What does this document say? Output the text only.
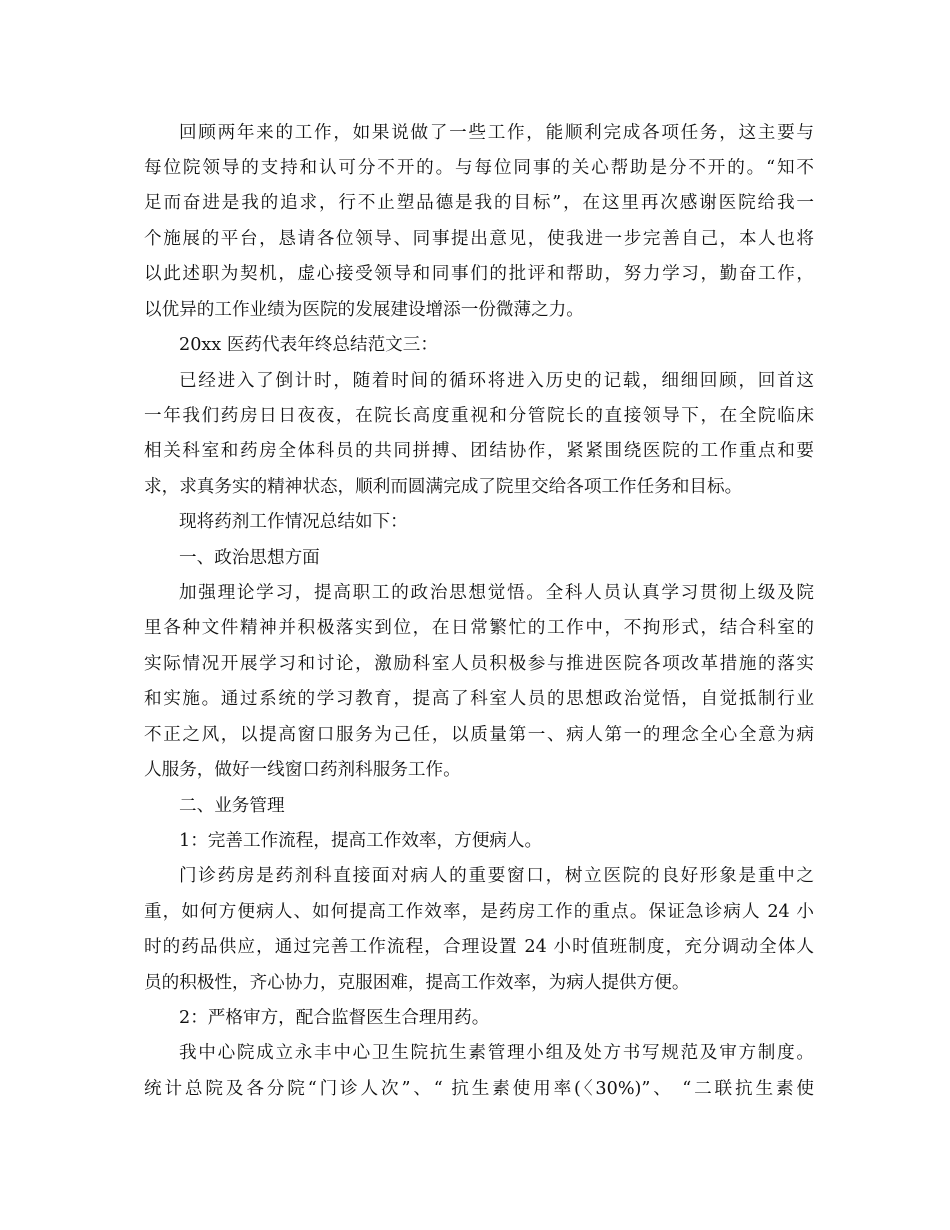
回顾两年来的工作，如果说做了一些工作，能顺利完成各项任务，这主要与
每位院领导的支持和认可分不开的。与每位同事的关心帮助是分不开的。“知不
足而奋进是我的追求，行不止塑品德是我的目标”，在这里再次感谢医院给我一
个施展的平台，恳请各位领导、同事提出意见，使我进一步完善自己，本人也将
以此述职为契机，虚心接受领导和同事们的批评和帮助，努力学习，勤奋工作，
以优异的工作业绩为医院的发展建设增添一份微薄之力。
20xx 医药代表年终总结范文三：
已经进入了倒计时，随着时间的循环将进入历史的记载，细细回顾，回首这
一年我们药房日日夜夜，在院长高度重视和分管院长的直接领导下，在全院临床
相关科室和药房全体科员的共同拼搏、团结协作，紧紧围绕医院的工作重点和要
求，求真务实的精神状态，顺利而圆满完成了院里交给各项工作任务和目标。
现将药剂工作情况总结如下：
一、政治思想方面
加强理论学习，提高职工的政治思想觉悟。全科人员认真学习贯彻上级及院
里各种文件精神并积极落实到位，在日常繁忙的工作中，不拘形式，结合科室的
实际情况开展学习和讨论，激励科室人员积极参与推进医院各项改革措施的落实
和实施。通过系统的学习教育，提高了科室人员的思想政治觉悟，自觉抵制行业
不正之风，以提高窗口服务为己任，以质量第一、病人第一的理念全心全意为病
人服务，做好一线窗口药剂科服务工作。
二、业务管理
1：完善工作流程，提高工作效率，方便病人。
门诊药房是药剂科直接面对病人的重要窗口，树立医院的良好形象是重中之
重，如何方便病人、如何提高工作效率，是药房工作的重点。保证急诊病人 24 小
时的药品供应，通过完善工作流程，合理设置 24 小时值班制度，充分调动全体人
员的积极性，齐心协力，克服困难，提高工作效率，为病人提供方便。
2：严格审方，配合监督医生合理用药。
我中心院成立永丰中心卫生院抗生素管理小组及处方书写规范及审方制度。
统计总院及各分院“门诊人次”、“ 抗生素使用率(〈30%)”、 “二联抗生素使
